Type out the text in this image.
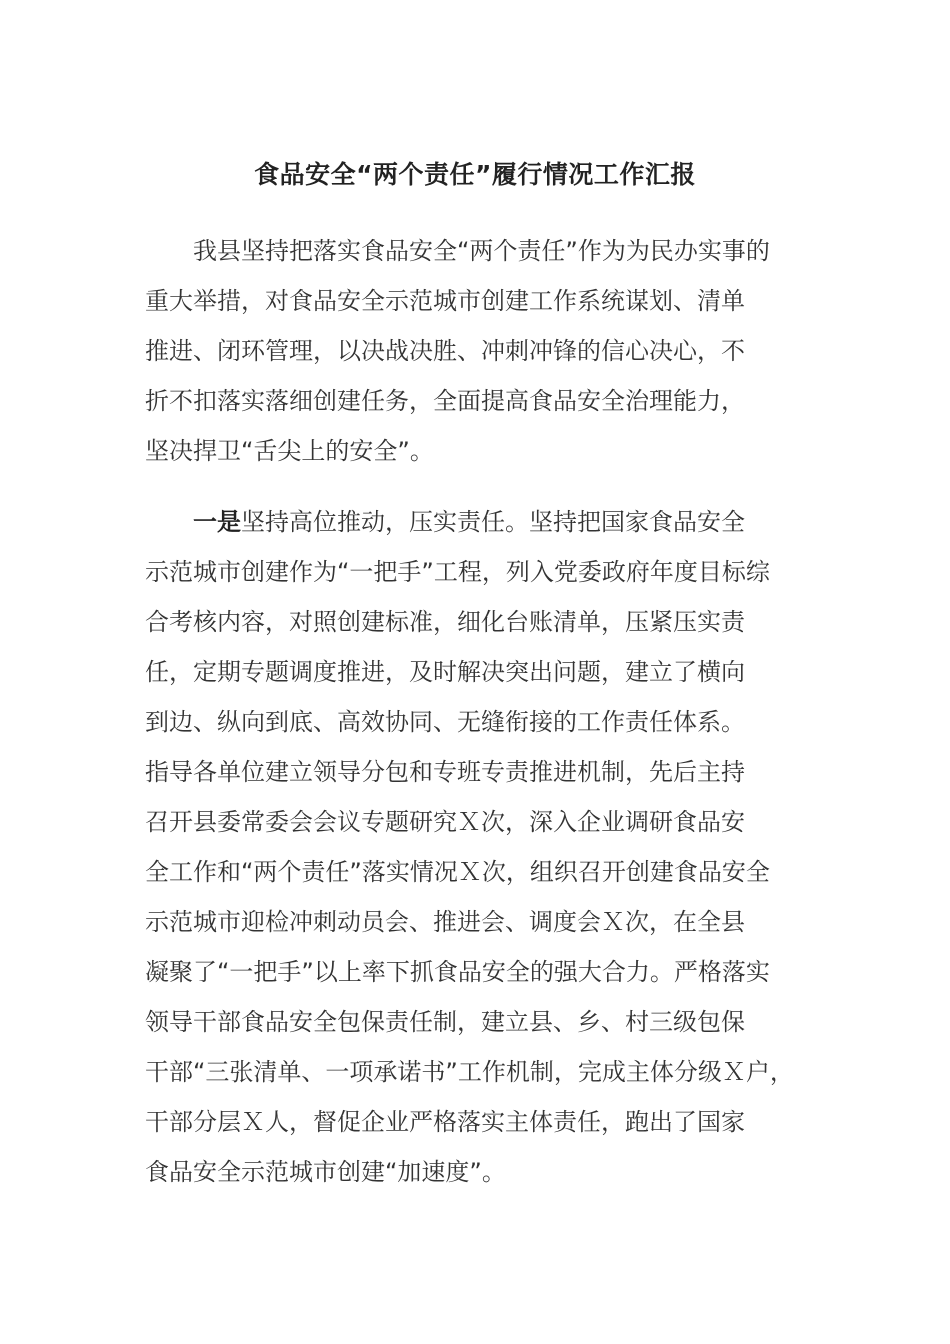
食品安全“两个责任”履行情况工作汇报
　　我县坚持把落实食品安全“两个责任”作为为民办实事的
重大举措，对食品安全示范城市创建工作系统谋划、清单
推进、闭环管理，以决战决胜、冲刺冲锋的信心决心，不
折不扣落实落细创建任务，全面提高食品安全治理能力，
坚决捍卫“舌尖上的安全”。
　　一是坚持高位推动，压实责任。坚持把国家食品安全
示范城市创建作为“一把手”工程，列入党委政府年度目标综
合考核内容，对照创建标准，细化台账清单，压紧压实责
任，定期专题调度推进，及时解决突出问题，建立了横向
到边、纵向到底、高效协同、无缝衔接的工作责任体系。
指导各单位建立领导分包和专班专责推进机制，先后主持
召开县委常委会会议专题研究Ｘ次，深入企业调研食品安
全工作和“两个责任”落实情况Ｘ次，组织召开创建食品安全
示范城市迎检冲刺动员会、推进会、调度会Ｘ次，在全县
凝聚了“一把手”以上率下抓食品安全的强大合力。严格落实
领导干部食品安全包保责任制，建立县、乡、村三级包保
干部“三张清单、一项承诺书”工作机制，完成主体分级Ｘ户，
干部分层Ｘ人，督促企业严格落实主体责任，跑出了国家
食品安全示范城市创建“加速度”。
